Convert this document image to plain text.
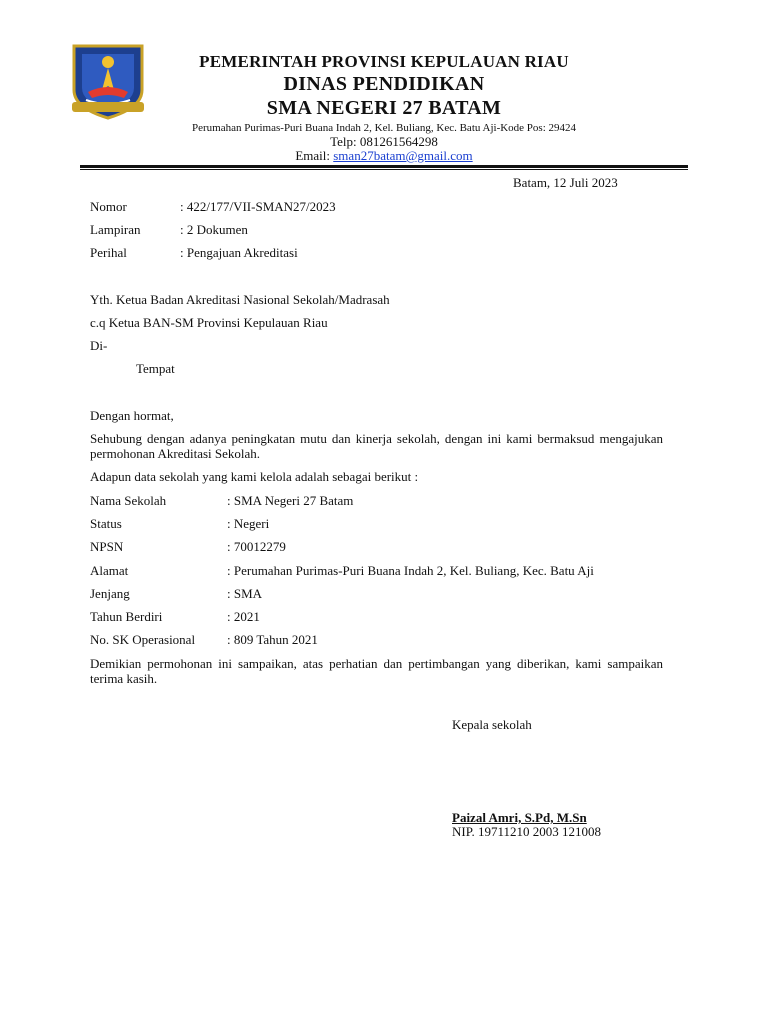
PEMERINTAH PROVINSI KEPULAUAN RIAU
DINAS PENDIDIKAN
SMA NEGERI 27 BATAM
Perumahan Purimas-Puri Buana Indah 2, Kel. Buliang, Kec. Batu Aji-Kode Pos: 29424
Telp: 081261564298
Email: sman27batam@gmail.com
Batam, 12 Juli 2023
Nomor	: 422/177/VII-SMAN27/2023
Lampiran	: 2 Dokumen
Perihal	: Pengajuan Akreditasi
Yth. Ketua Badan Akreditasi Nasional Sekolah/Madrasah
c.q Ketua BAN-SM Provinsi Kepulauan Riau
Di-
Tempat
Dengan hormat,
Sehubung dengan adanya peningkatan mutu dan kinerja sekolah, dengan ini kami bermaksud mengajukan permohonan Akreditasi Sekolah.
Adapun data sekolah yang kami kelola adalah sebagai berikut :
Nama Sekolah	: SMA Negeri 27 Batam
Status	: Negeri
NPSN	: 70012279
Alamat	: Perumahan Purimas-Puri Buana Indah 2, Kel. Buliang, Kec. Batu Aji
Jenjang	: SMA
Tahun Berdiri	: 2021
No. SK Operasional : 809 Tahun 2021
Demikian permohonan ini sampaikan, atas perhatian dan pertimbangan yang diberikan, kami sampaikan terima kasih.
Kepala sekolah
Paizal Amri, S.Pd, M.Sn
NIP. 19711210 2003 121008
